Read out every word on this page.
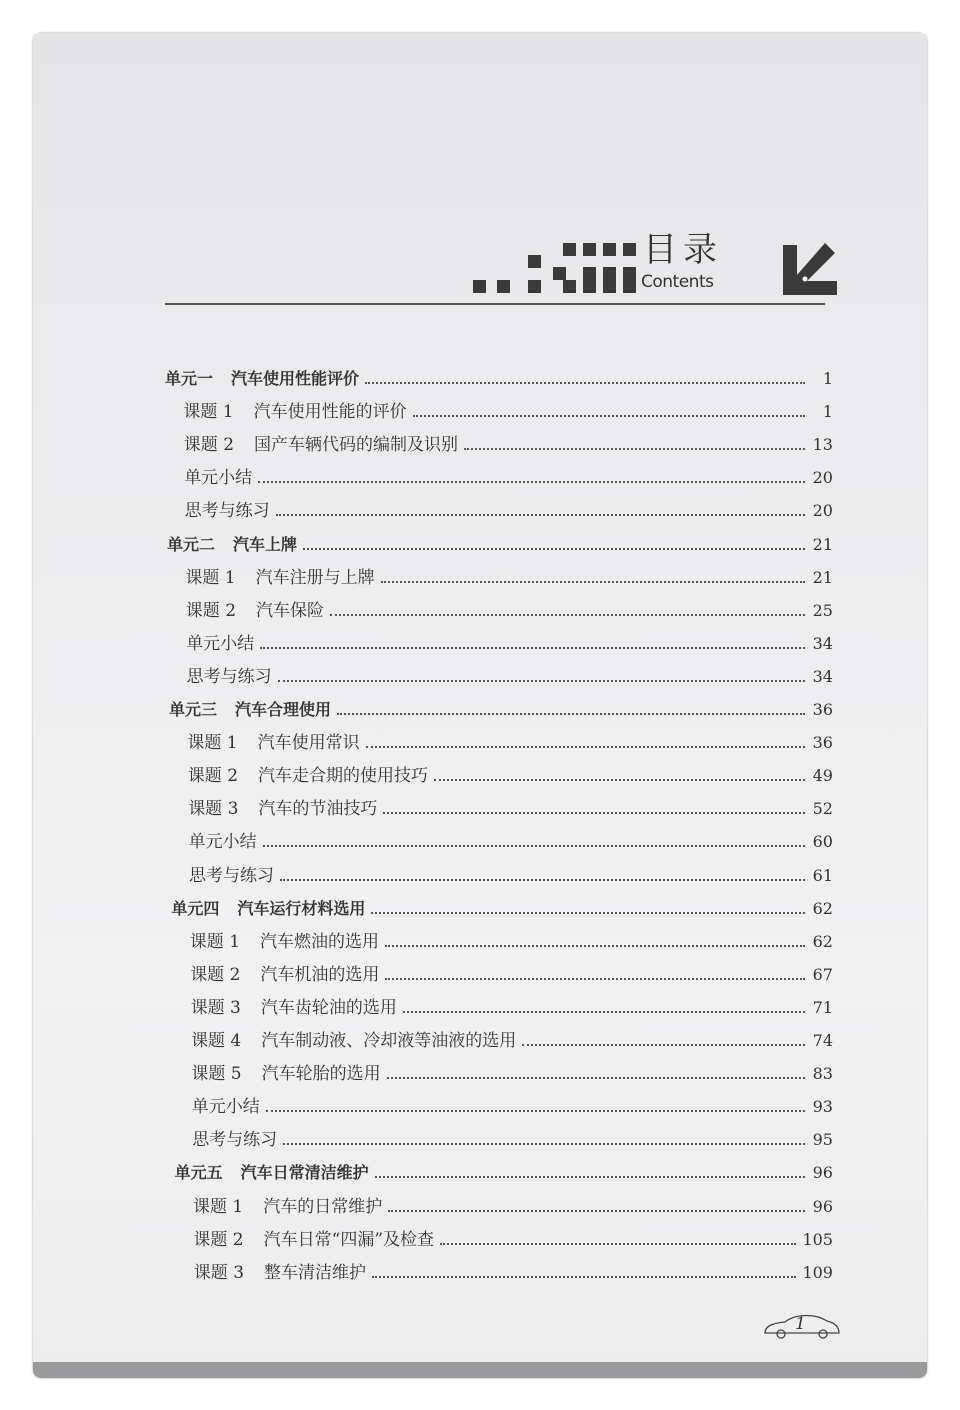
目录
Contents
单元一 汽车使用性能评价	1
课题 1 汽车使用性能的评价	1
课题 2 国产车辆代码的编制及识别	13
单元小结	20
思考与练习	20
单元二 汽车上牌	21
课题 1 汽车注册与上牌	21
课题 2 汽车保险	25
单元小结	34
思考与练习	34
单元三 汽车合理使用	36
课题 1 汽车使用常识	36
课题 2 汽车走合期的使用技巧	49
课题 3 汽车的节油技巧	52
单元小结	60
思考与练习	61
单元四 汽车运行材料选用	62
课题 1 汽车燃油的选用	62
课题 2 汽车机油的选用	67
课题 3 汽车齿轮油的选用	71
课题 4 汽车制动液、冷却液等油液的选用	74
课题 5 汽车轮胎的选用	83
单元小结	93
思考与练习	95
单元五 汽车日常清洁维护	96
课题 1 汽车的日常维护	96
课题 2 汽车日常“四漏”及检查	105
课题 3 整车清洁维护	109
1
